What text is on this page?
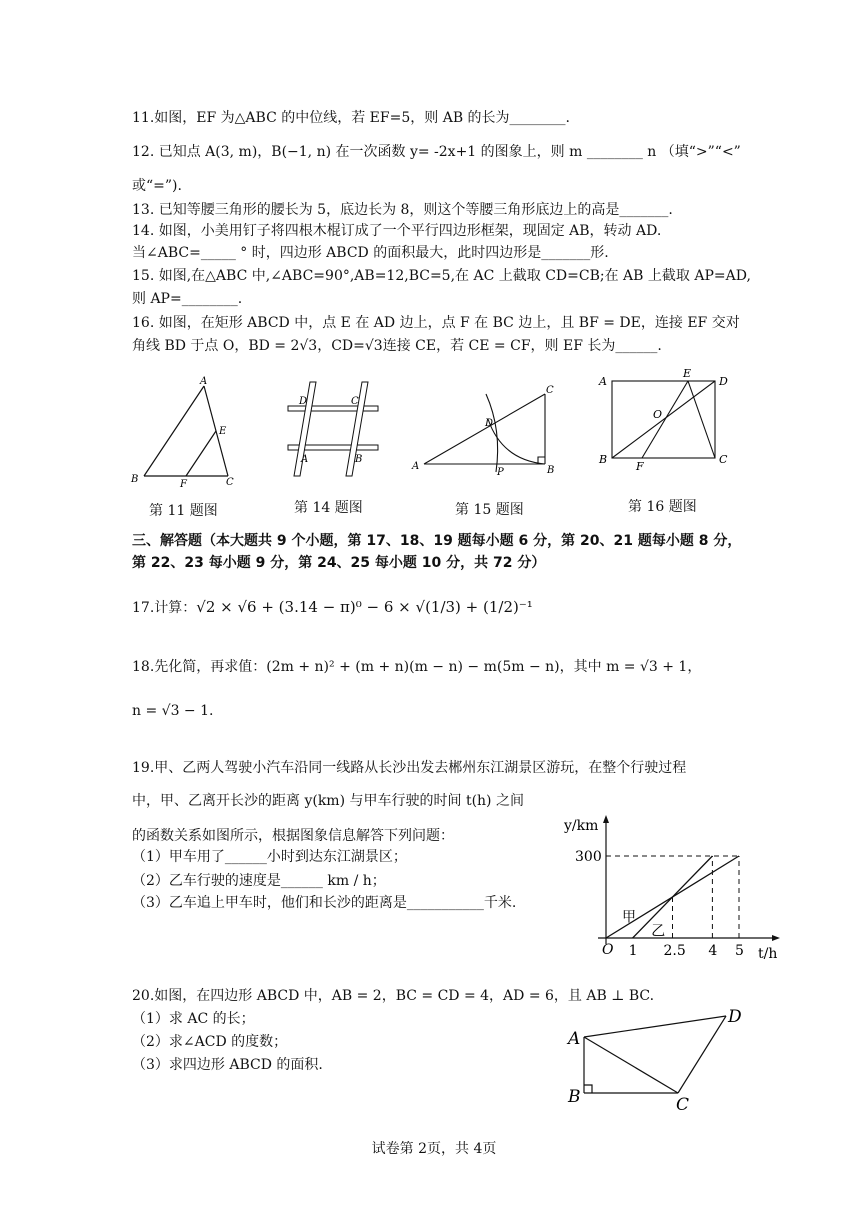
11.如图，EF 为△ABC 的中位线，若 EF=5，则 AB 的长为________.
12. 已知点 A(3, m)，B(−1, n) 在一次函数 y= -2x+1 的图象上，则 m ________ n （填“>”“<”
或“=”).
13. 已知等腰三角形的腰长为 5，底边长为 8，则这个等腰三角形底边上的高是_______.
14. 如图，小美用钉子将四根木棍订成了一个平行四边形框架，现固定 AB，转动 AD.
当∠ABC=_____ ° 时，四边形 ABCD 的面积最大，此时四边形是_______形.
15. 如图,在△ABC 中,∠ABC=90°,AB=12,BC=5,在 AC 上截取 CD=CB;在 AB 上截取 AP=AD,
则 AP=________.
16. 如图，在矩形 ABCD 中，点 E 在 AD 边上，点 F 在 BC 边上，且 BF = DE，连接 EF 交对
角线 BD 于点 O，BD = 2√3，CD=√3连接 CE，若 CE = CF，则 EF 长为______.
A
B	C
E
F
第 11 题图
D	C
A	B
第 14 题图
A	B
C
D
P
第 15 题图
A	D
B	C
E
F
O
第 16 题图
三、解答题（本大题共 9 个小题，第 17、18、19 题每小题 6 分，第 20、21 题每小题 8 分，
第 22、23 每小题 9 分，第 24、25 每小题 10 分，共 72 分）
17.计算：√2 × √6 + (3.14 − π)⁰ − 6 × √(1/3) + (1/2)⁻¹
18.先化简，再求值：(2m + n)² + (m + n)(m − n) − m(5m − n)，其中 m = √3 + 1，
n = √3 − 1.
19.甲、乙两人驾驶小汽车沿同一线路从长沙出发去郴州东江湖景区游玩，在整个行驶过程
中，甲、乙离开长沙的距离 y(km) 与甲车行驶的时间 t(h) 之间
的函数关系如图所示，根据图象信息解答下列问题：
（1）甲车用了______小时到达东江湖景区；
（2）乙车行驶的速度是______ km / h；
（3）乙车追上甲车时，他们和长沙的距离是___________千米.
O
y/km
t/h
300
1 2.5 4 5
甲
乙
20.如图，在四边形 ABCD 中，AB = 2，BC = CD = 4，AD = 6，且 AB ⊥ BC.
（1）求 AC 的长；
（2）求∠ACD 的度数；
（3）求四边形 ABCD 的面积.
A
B	C
D
试卷第 2页，共 4页
